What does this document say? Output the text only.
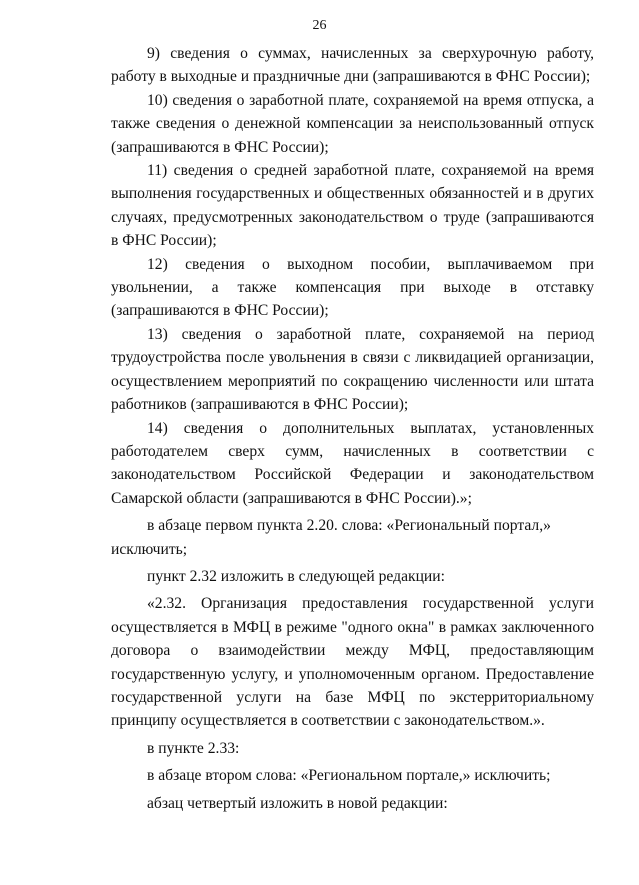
26

9) сведения о суммах, начисленных за сверхурочную работу, работу в выходные и праздничные дни (запрашиваются в ФНС России);

10) сведения о заработной плате, сохраняемой на время отпуска, а также сведения о денежной компенсации за неиспользованный отпуск (запрашиваются в ФНС России);

11) сведения о средней заработной плате, сохраняемой на время выполнения государственных и общественных обязанностей и в других случаях, предусмотренных законодательством о труде (запрашиваются в ФНС России);

12) сведения о выходном пособии, выплачиваемом при увольнении, а также компенсация при выходе в отставку (запрашиваются в ФНС России);

13) сведения о заработной плате, сохраняемой на период трудоустройства после увольнения в связи с ликвидацией организации, осуществлением мероприятий по сокращению численности или штата работников (запрашиваются в ФНС России);

14) сведения о дополнительных выплатах, установленных работодателем сверх сумм, начисленных в соответствии с законодательством Российской Федерации и законодательством Самарской области (запрашиваются в ФНС России).»;

в абзаце первом пункта 2.20. слова: «Региональный портал,» исключить;

пункт 2.32 изложить в следующей редакции:

«2.32. Организация предоставления государственной услуги осуществляется в МФЦ в режиме "одного окна" в рамках заключенного договора о взаимодействии между МФЦ, предоставляющим государственную услугу, и уполномоченным органом. Предоставление государственной услуги на базе МФЦ по экстерриториальному принципу осуществляется в соответствии с законодательством.».

в пункте 2.33:

в абзаце втором слова: «Региональном портале,» исключить;

абзац четвертый изложить в новой редакции:
